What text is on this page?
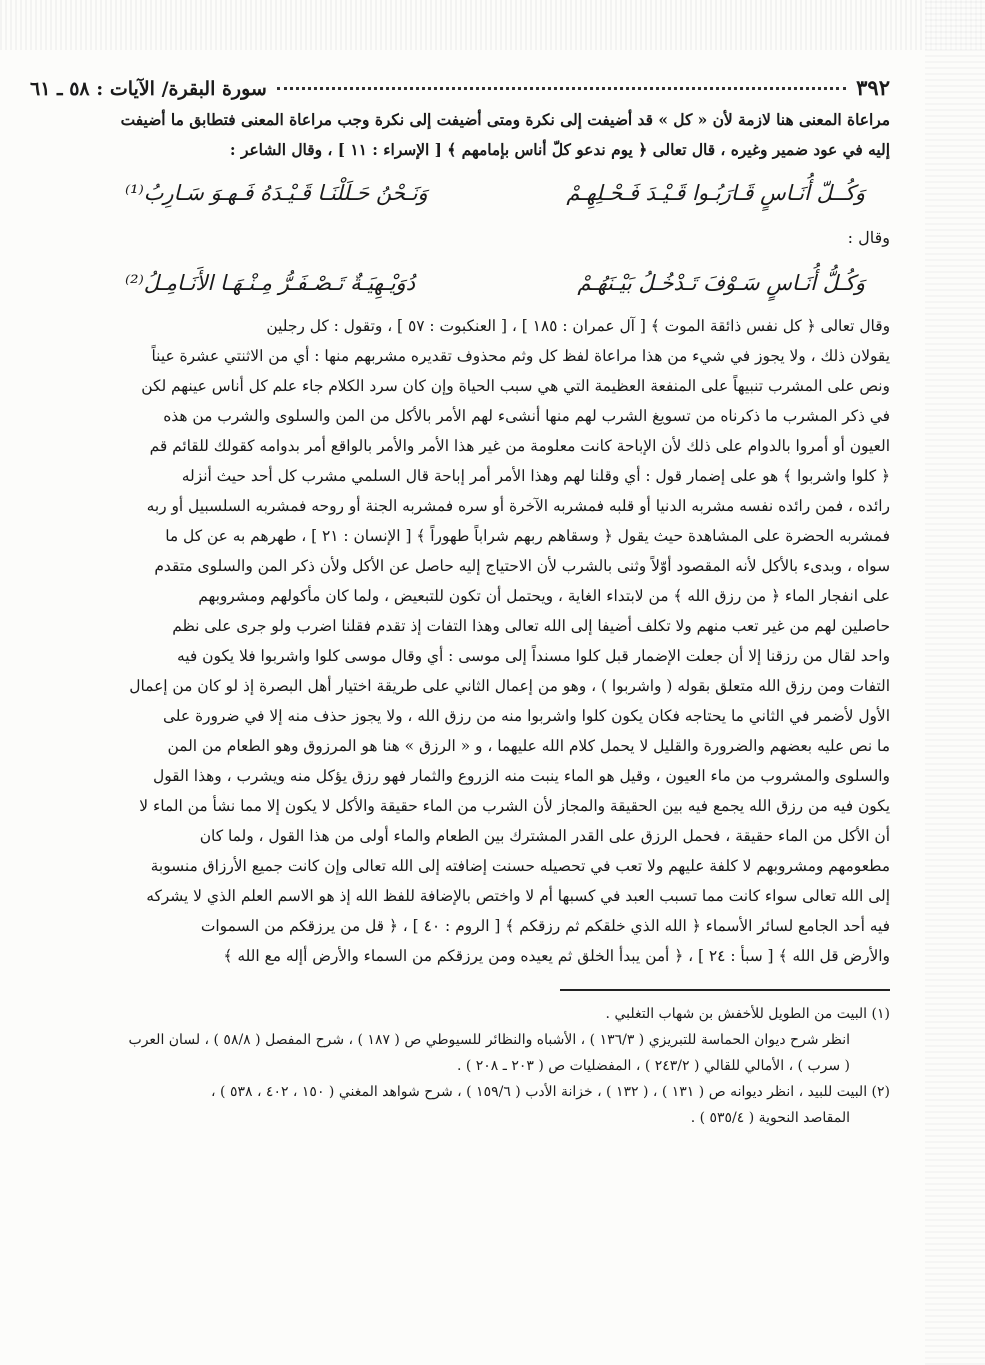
٣٩٢
سورة البقرة/ الآيات : ٥٨ ـ ٦١

مراعاة المعنى هنا لازمة لأن « كل » قد أضيفت إلى نكرة ومتى أضيفت إلى نكرة وجب مراعاة المعنى فتطابق ما أضيفت

إليه في عود ضمير وغيره ، قال تعالى ﴿ يوم ندعو كلّ أناس بإمامهم ﴾ [ الإسراء : ١١ ] ، وقال الشاعر :

وَكُــلّ أُنَـاسٍ قَـارَبُـوا قَـيْـدَ فَـحْـلِهِـمْ
وَنَـحْنُ حَـلَلْنَـا قَـيْـدَهُ فَـهـوَ سَـارِبُ⁽¹⁾

وقال :

وَكُـلُّ أُنَـاسٍ سَـوْفَ تَـدْخُـلُ بَيْـنَهُـمْ
دُوَيْـهِيَـةٌ تَـصْـفَـرُّ مِـنْـهَـا الأَنَـامِـلُ⁽²⁾

وقال تعالى ﴿ كل نفس ذائقة الموت ﴾ [ آل عمران : ١٨٥ ] ، [ العنكبوت : ٥٧ ] ، وتقول : كل رجلين

يقولان ذلك ، ولا يجوز في شيء من هذا مراعاة لفظ كل وثم محذوف تقديره مشربهم منها : أي من الاثنتي عشرة عيناً

ونص على المشرب تنبيهاً على المنفعة العظيمة التي هي سبب الحياة وإن كان سرد الكلام جاء علم كل أناس عينهم لكن

في ذكر المشرب ما ذكرناه من تسويغ الشرب لهم منها أنشىء لهم الأمر بالأكل من المن والسلوى والشرب من هذه

العيون أو أمروا بالدوام على ذلك لأن الإباحة كانت معلومة من غير هذا الأمر والأمر بالواقع أمر بدوامه كقولك للقائم قم

﴿ كلوا واشربوا ﴾ هو على إضمار قول : أي وقلنا لهم وهذا الأمر أمر إباحة قال السلمي مشرب كل أحد حيث أنزله

رائده ، فمن رائده نفسه مشربه الدنيا أو قلبه فمشربه الآخرة أو سره فمشربه الجنة أو روحه فمشربه السلسبيل أو ربه

فمشربه الحضرة على المشاهدة حيث يقول ﴿ وسقاهم ربهم شراباً طهوراً ﴾ [ الإنسان : ٢١ ] ، طهرهم به عن كل ما

سواه ، وبدىء بالأكل لأنه المقصود أوّلاً وثنى بالشرب لأن الاحتياج إليه حاصل عن الأكل ولأن ذكر المن والسلوى متقدم

على انفجار الماء ﴿ من رزق الله ﴾ من لابتداء الغاية ، ويحتمل أن تكون للتبعيض ، ولما كان مأكولهم ومشروبهم

حاصلين لهم من غير تعب منهم ولا تكلف أضيفا إلى الله تعالى وهذا التفات إذ تقدم فقلنا اضرب ولو جرى على نظم

واحد لقال من رزقنا إلا أن جعلت الإضمار قبل كلوا مسنداً إلى موسى : أي وقال موسى كلوا واشربوا فلا يكون فيه

التفات ومن رزق الله متعلق بقوله ( واشربوا ) ، وهو من إعمال الثاني على طريقة اختيار أهل البصرة إذ لو كان من إعمال

الأول لأضمر في الثاني ما يحتاجه فكان يكون كلوا واشربوا منه من رزق الله ، ولا يجوز حذف منه إلا في ضرورة على

ما نص عليه بعضهم والضرورة والقليل لا يحمل كلام الله عليهما ، و « الرزق » هنا هو المرزوق وهو الطعام من المن

والسلوى والمشروب من ماء العيون ، وقيل هو الماء ينبت منه الزروع والثمار فهو رزق يؤكل منه ويشرب ، وهذا القول

يكون فيه من رزق الله يجمع فيه بين الحقيقة والمجاز لأن الشرب من الماء حقيقة والأكل لا يكون إلا مما نشأ من الماء لا

أن الأكل من الماء حقيقة ، فحمل الرزق على القدر المشترك بين الطعام والماء أولى من هذا القول ، ولما كان

مطعومهم ومشروبهم لا كلفة عليهم ولا تعب في تحصيله حسنت إضافته إلى الله تعالى وإن كانت جميع الأرزاق منسوبة

إلى الله تعالى سواء كانت مما تسبب العبد في كسبها أم لا واختص بالإضافة للفظ الله إذ هو الاسم العلم الذي لا يشركه

فيه أحد الجامع لسائر الأسماء ﴿ الله الذي خلقكم ثم رزقكم ﴾ [ الروم : ٤٠ ] ، ﴿ قل من يرزقكم من السموات

والأرض قل الله ﴾ [ سبأ : ٢٤ ] ، ﴿ أمن يبدأ الخلق ثم يعيده ومن يرزقكم من السماء والأرض أإله مع الله ﴾

(١) البيت من الطويل للأخفش بن شهاب التغلبي .

انظر شرح ديوان الحماسة للتبريزي ( ١٣٦/٣ ) ، الأشباه والنظائر للسيوطي ص ( ١٨٧ ) ، شرح المفصل ( ٥٨/٨ ) ، لسان العرب

( سرب ) ، الأمالي للقالي ( ٢٤٣/٢ ) ، المفضليات ص ( ٢٠٣ ـ ٢٠٨ ) .

(٢) البيت للبيد ، انظر ديوانه ص ( ١٣١ ) ، ( ١٣٢ ) ، خزانة الأدب ( ١٥٩/٦ ) ، شرح شواهد المغني ( ١٥٠ ، ٤٠٢ ، ٥٣٨ ) ،

المقاصد النحوية ( ٥٣٥/٤ ) .
